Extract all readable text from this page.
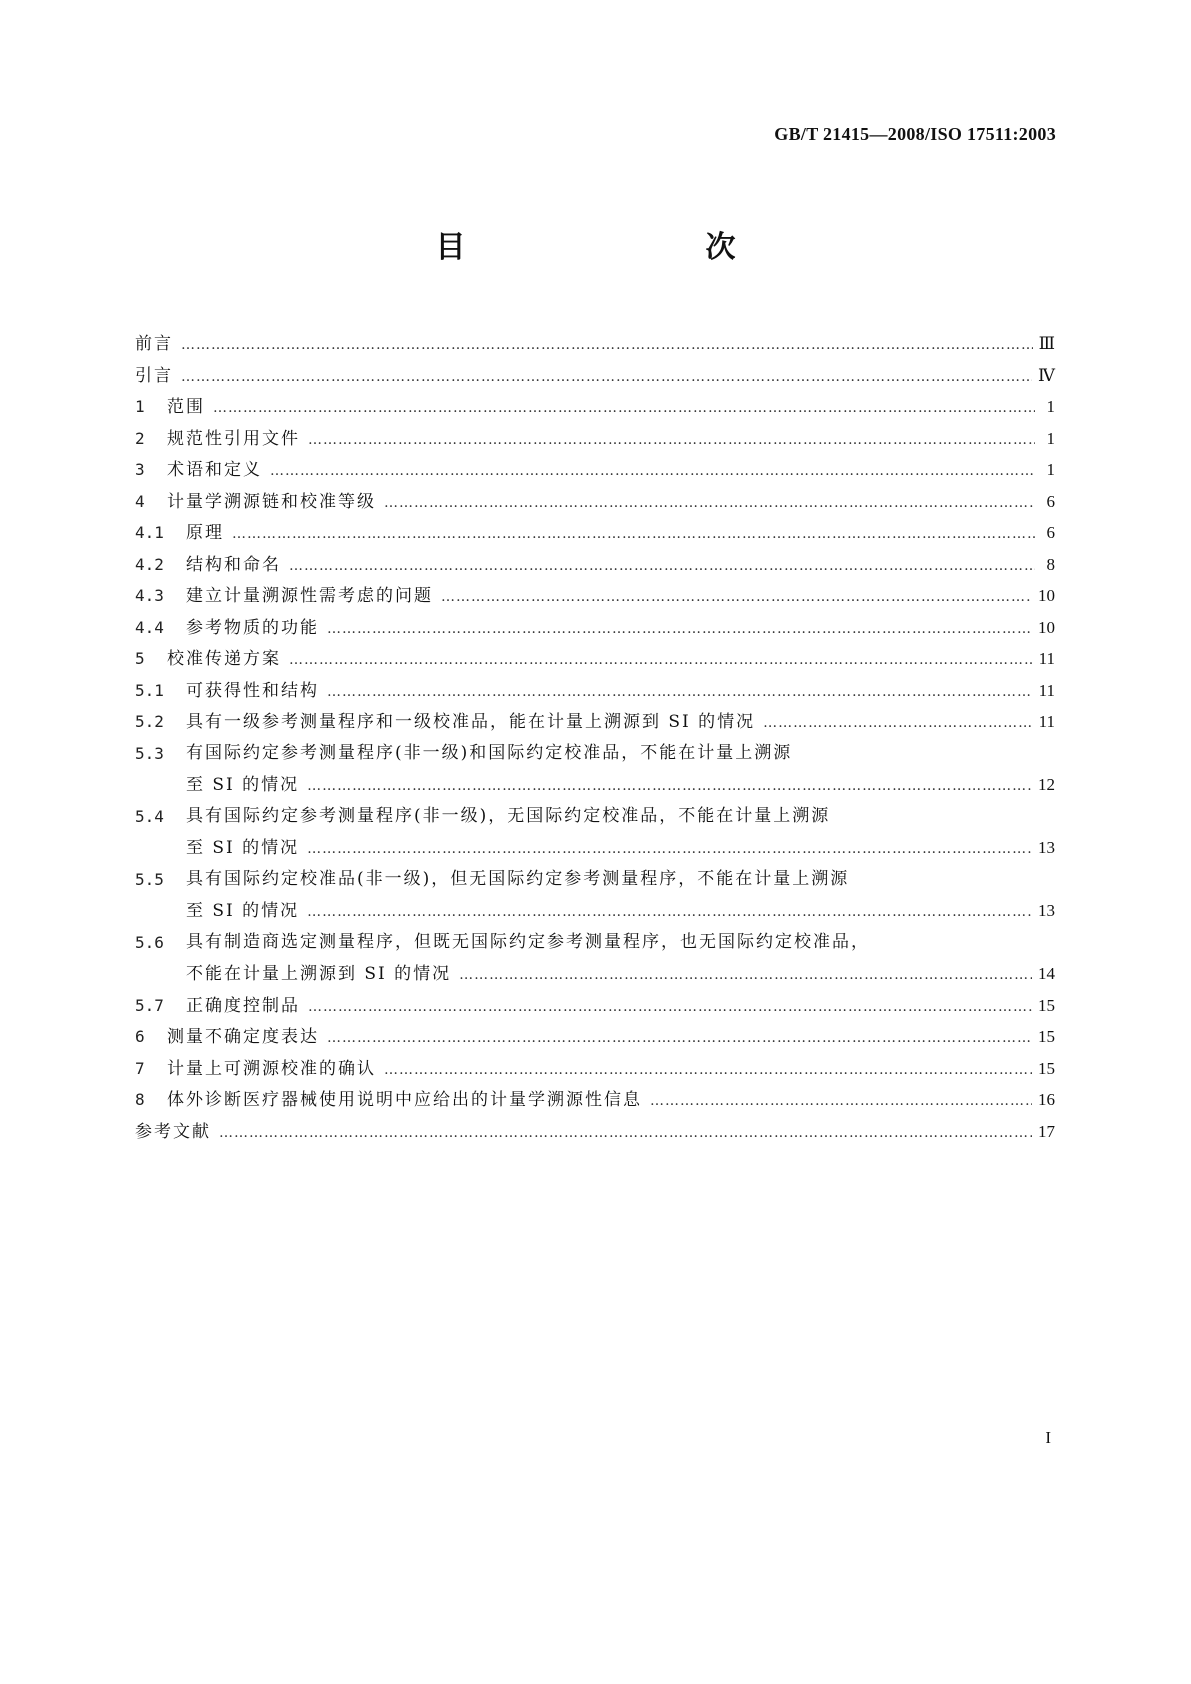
GB/T 21415—2008/ISO 17511:2003
目　　次
前言 …………………………………………………………………………………………………………………………………………………………………………………………………………………………………………	Ⅲ
引言 …………………………………………………………………………………………………………………………………………………………………………………………………………………………………………	Ⅳ
1	范围 …………………………………………………………………………………………………………………………………………………………………………………………………………………………………………	1
2	规范性引用文件 …………………………………………………………………………………………………………………………………………………………………………………………………………………………………………	1
3	术语和定义 …………………………………………………………………………………………………………………………………………………………………………………………………………………………………………	1
4	计量学溯源链和校准等级 …………………………………………………………………………………………………………………………………………………………………………………………………………………………………………	6
4.1	原理 …………………………………………………………………………………………………………………………………………………………………………………………………………………………………………	6
4.2	结构和命名 …………………………………………………………………………………………………………………………………………………………………………………………………………………………………………	8
4.3	建立计量溯源性需考虑的问题 …………………………………………………………………………………………………………………………………………………………………………………………………………………………………………	10
4.4	参考物质的功能 …………………………………………………………………………………………………………………………………………………………………………………………………………………………………………	10
5	校准传递方案 …………………………………………………………………………………………………………………………………………………………………………………………………………………………………………	11
5.1	可获得性和结构 …………………………………………………………………………………………………………………………………………………………………………………………………………………………………………	11
5.2	具有一级参考测量程序和一级校准品，能在计量上溯源到 SI 的情况 …………………………………………………………………………………………………………………………………………………………………………………………………………………………………………	11
5.3	有国际约定参考测量程序(非一级)和国际约定校准品，不能在计量上溯源
至 SI 的情况 …………………………………………………………………………………………………………………………………………………………………………………………………………………………………………	12
5.4	具有国际约定参考测量程序(非一级)，无国际约定校准品，不能在计量上溯源
至 SI 的情况 …………………………………………………………………………………………………………………………………………………………………………………………………………………………………………	13
5.5	具有国际约定校准品(非一级)，但无国际约定参考测量程序，不能在计量上溯源
至 SI 的情况 …………………………………………………………………………………………………………………………………………………………………………………………………………………………………………	13
5.6	具有制造商选定测量程序，但既无国际约定参考测量程序，也无国际约定校准品，
不能在计量上溯源到 SI 的情况 …………………………………………………………………………………………………………………………………………………………………………………………………………………………………………	14
5.7	正确度控制品 …………………………………………………………………………………………………………………………………………………………………………………………………………………………………………	15
6	测量不确定度表达 …………………………………………………………………………………………………………………………………………………………………………………………………………………………………………	15
7	计量上可溯源校准的确认 …………………………………………………………………………………………………………………………………………………………………………………………………………………………………………	15
8	体外诊断医疗器械使用说明中应给出的计量学溯源性信息 …………………………………………………………………………………………………………………………………………………………………………………………………………………………………………	16
参考文献 …………………………………………………………………………………………………………………………………………………………………………………………………………………………………………	17
I
